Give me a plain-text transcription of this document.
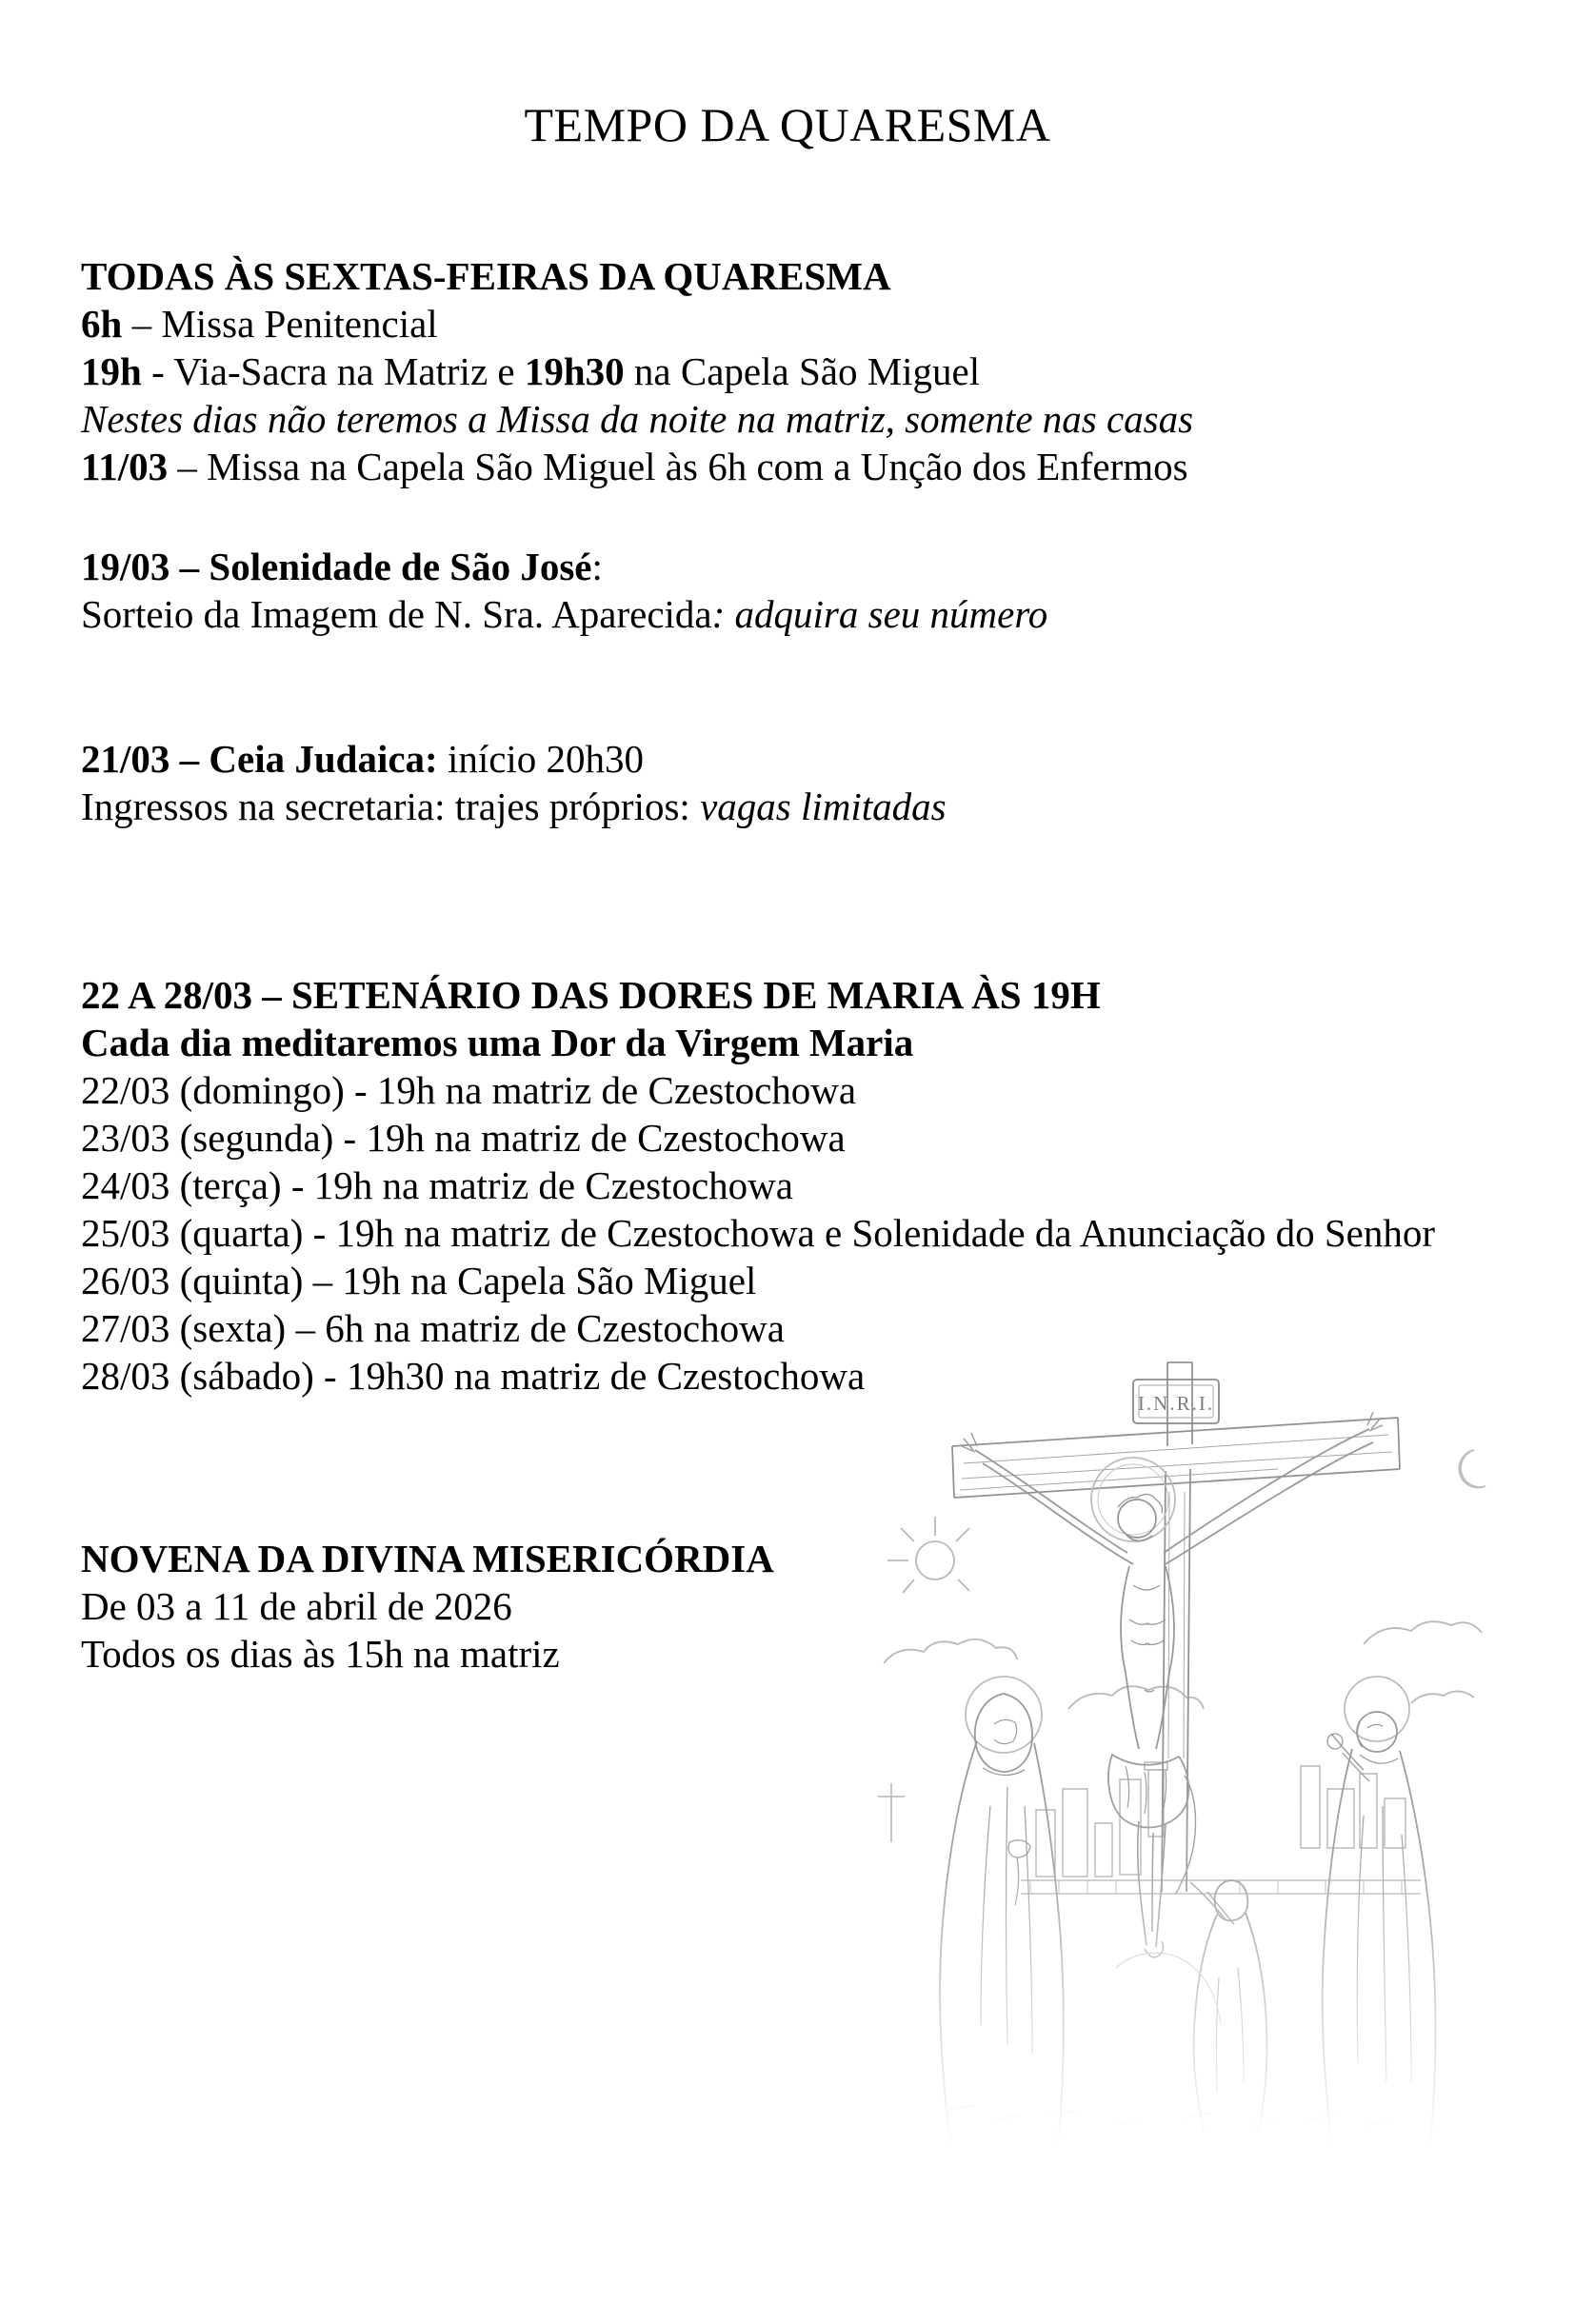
I.N.R.I.
TEMPO DA QUARESMA

TODAS ÀS SEXTAS-FEIRAS DA QUARESMA

6h – Missa Penitencial

19h - Via-Sacra na Matriz e 19h30 na Capela São Miguel

Nestes dias não teremos a Missa da noite na matriz, somente nas casas

11/03 – Missa na Capela São Miguel às 6h com a Unção dos Enfermos

19/03 – Solenidade de São José:

Sorteio da Imagem de N. Sra. Aparecida: adquira seu número

21/03 – Ceia Judaica: início 20h30

Ingressos na secretaria: trajes próprios: vagas limitadas

22 A 28/03 – SETENÁRIO DAS DORES DE MARIA ÀS 19H

Cada dia meditaremos uma Dor da Virgem Maria

22/03 (domingo) - 19h na matriz de Czestochowa

23/03 (segunda) - 19h na matriz de Czestochowa

24/03 (terça) - 19h na matriz de Czestochowa

25/03 (quarta) - 19h na matriz de Czestochowa e Solenidade da Anunciação do Senhor

26/03 (quinta) – 19h na Capela São Miguel

27/03 (sexta) – 6h na matriz de Czestochowa

28/03 (sábado) - 19h30 na matriz de Czestochowa

NOVENA DA DIVINA MISERICÓRDIA

De 03 a 11 de abril de 2026

Todos os dias às 15h na matriz
